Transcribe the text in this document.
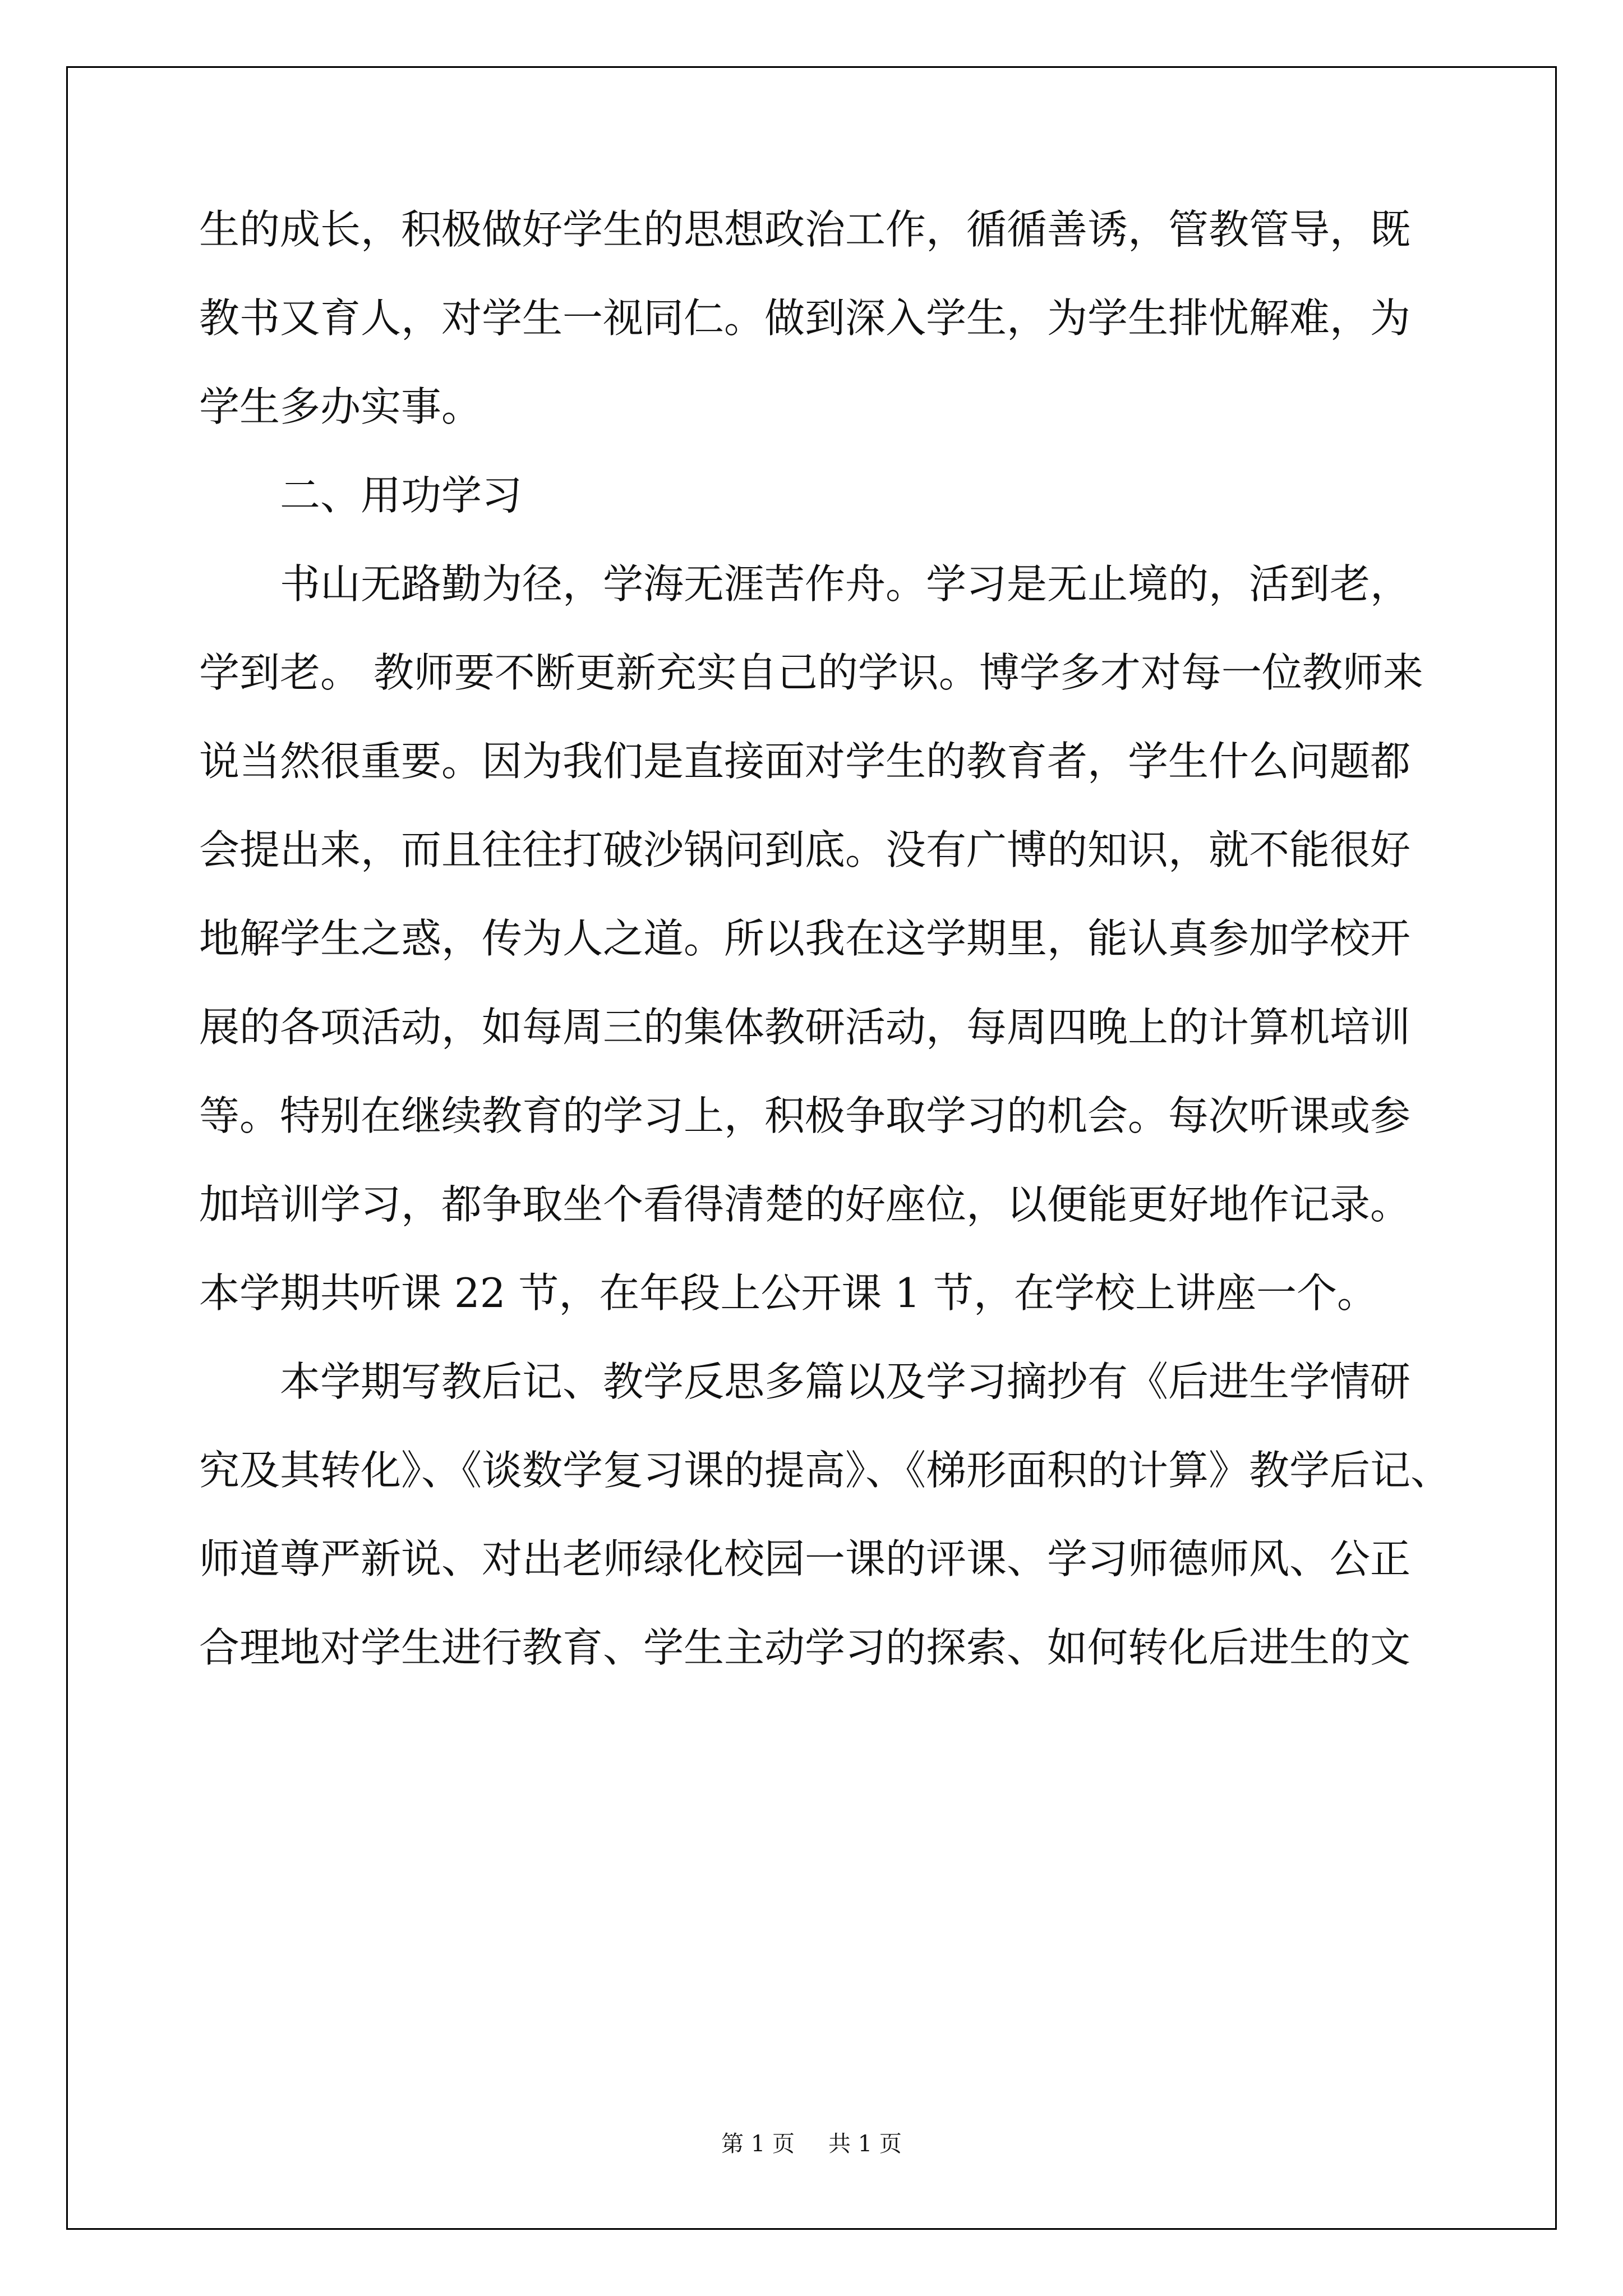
生的成长，积极做好学生的思想政治工作，循循善诱，管教管导，既
教书又育人，对学生一视同仁。做到深入学生，为学生排忧解难，为
学生多办实事。
二、用功学习
书山无路勤为径，学海无涯苦作舟。学习是无止境的，活到老，
学到老。 教师要不断更新充实自己的学识。博学多才对每一位教师来
说当然很重要。因为我们是直接面对学生的教育者，学生什么问题都
会提出来，而且往往打破沙锅问到底。没有广博的知识，就不能很好
地解学生之惑，传为人之道。所以我在这学期里，能认真参加学校开
展的各项活动，如每周三的集体教研活动，每周四晚上的计算机培训
等。特别在继续教育的学习上，积极争取学习的机会。每次听课或参
加培训学习，都争取坐个看得清楚的好座位，以便能更好地作记录。
本学期共听课 22 节，在年段上公开课 1 节，在学校上讲座一个。
本学期写教后记、教学反思多篇以及学习摘抄有《后进生学情研
究及其转化》、《谈数学复习课的提高》、《梯形面积的计算》教学后记、
师道尊严新说、对出老师绿化校园一课的评课、学习师德师风、公正
合理地对学生进行教育、学生主动学习的探索、如何转化后进生的文
第 1 页 共 1 页
